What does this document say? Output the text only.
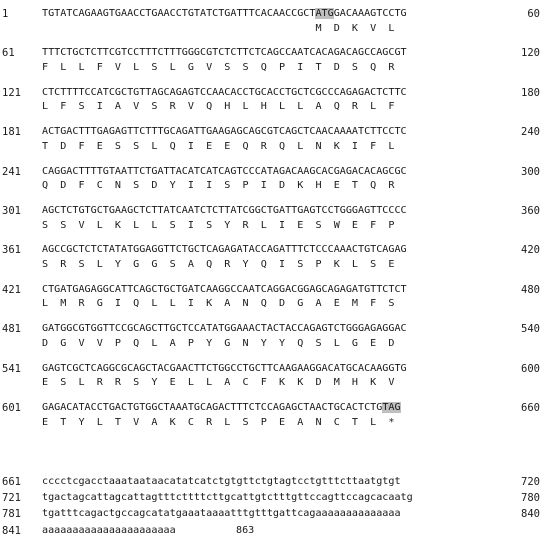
1	TGTATCAGAAGTGAACCTGAACCTGTATCTGATTTCACAACCGCTATGGACAAAGTCCTG	60
M  D  K  V  L
61	TTTCTGCTCTTCGTCCTTTCTTTGGGCGTCTCTTCTCAGCCAATCACAGACAGCCAGCGT	120
F  L  L  F  V  L  S  L  G  V  S  S  Q  P  I  T  D  S  Q  R
121	CTCTTTTCCATCGCTGTTAGCAGAGTCCAACACCTGCACCTGCTCGCCCAGAGACTCTTC	180
L  F  S  I  A  V  S  R  V  Q  H  L  H  L  L  A  Q  R  L  F
181	ACTGACTTTGAGAGTTCTTTGCAGATTGAAGAGCAGCGTCAGCTCAACAAAATCTTCCTC	240
T  D  F  E  S  S  L  Q  I  E  E  Q  R  Q  L  N  K  I  F  L
241	CAGGACTTTTGTAATTCTGATTACATCATCAGTCCCATAGACAAGCACGAGACACAGCGC	300
Q  D  F  C  N  S  D  Y  I  I  S  P  I  D  K  H  E  T  Q  R
301	AGCTCTGTGCTGAAGCTCTTATCAATCTCTTATCGGCTGATTGAGTCCTGGGAGTTCCCC	360
S  S  V  L  K  L  L  S  I  S  Y  R  L  I  E  S  W  E  F  P
361	AGCCGCTCTCTATATGGAGGTTCTGCTCAGAGATACCAGATTTCTCCCAAACTGTCAGAG	420
S  R  S  L  Y  G  G  S  A  Q  R  Y  Q  I  S  P  K  L  S  E
421	CTGATGAGAGGCATTCAGCTGCTGATCAAGGCCAATCAGGACGGAGCAGAGATGTTCTCT	480
L  M  R  G  I  Q  L  L  I  K  A  N  Q  D  G  A  E  M  F  S
481	GATGGCGTGGTTCCGCAGCTTGCTCCATATGGAAACTACTACCAGAGTCTGGGAGAGGAC	540
D  G  V  V  P  Q  L  A  P  Y  G  N  Y  Y  Q  S  L  G  E  D
541	GAGTCGCTCAGGCGCAGCTACGAACTTCTGGCCTGCTTCAAGAAGGACATGCACAAGGTG	600
E  S  L  R  R  S  Y  E  L  L  A  C  F  K  K  D  M  H  K  V
601	GAGACATACCTGACTGTGGCTAAATGCAGACTTTCTCCAGAGCTAACTGCACTCTGTAG	660
E  T  Y  L  T  V  A  K  C  R  L  S  P  E  A  N  C  T  L  *
661	cccctcgacctaaataataacatatcatctgtgttctgtagtcctgtttcttaatgtgt	720
721	tgactagcattagcattagtttcttttcttgcattgtctttgttccagttccagcacaatg	780
781	tgatttcagactgccagcatatgaaataaaatttgtttgattcagaaaaaaaaaaaaaa	840
841	aaaaaaaaaaaaaaaaaaaaaa	863
